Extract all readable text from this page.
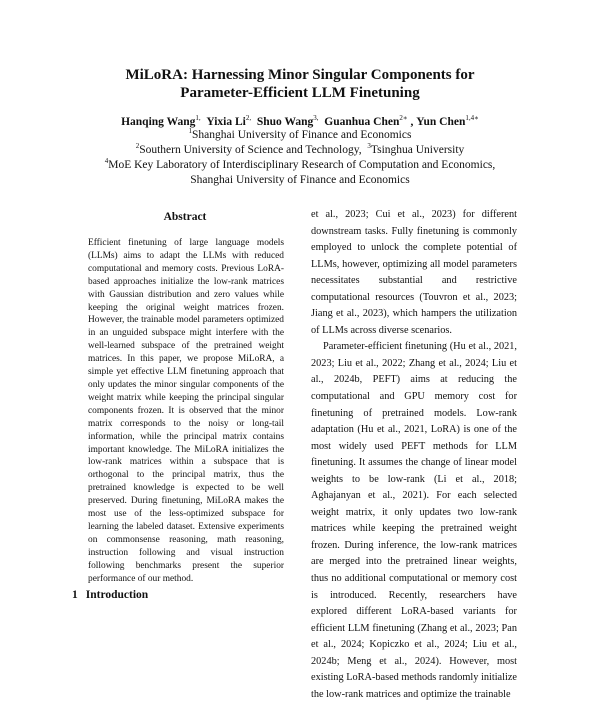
MiLoRA: Harnessing Minor Singular Components for
Parameter-Efficient LLM Finetuning
Hanqing Wang$^{1,}$ Yixia $Li^{2,}$ Shuo Wang$^{3,}$ Guanhua Chen$^{2∗}$ , Yun Chen$^{1,4∗}$
$^1$Shanghai University of Finance and Economics
$^2$Southern University of Science and Technology, $^3$Tsinghua University
$^4$MoE Key Laboratory of Interdisciplinary Research of Computation and Economics,
Shanghai University of Finance and Economics
Abstract

Efficient finetuning of large language models (LLMs) aims to adapt the LLMs with reduced computational and memory costs. Previous LoRA-based approaches initialize the low-rank matrices with Gaussian distribution and zero values while keeping the original weight matrices frozen. However, the trainable model parameters optimized in an unguided subspace might interfere with the well-learned subspace of the pretrained weight matrices. In this paper, we propose MiLoRA, a simple yet effective LLM finetuning approach that only updates the minor singular components of the weight matrix while keeping the principal singular components frozen. It is observed that the minor matrix corresponds to the noisy or long-tail information, while the principal matrix contains important knowledge. The MiLoRA initializes the low-rank matrices within a subspace that is orthogonal to the principal matrix, thus the pretrained knowledge is expected to be well preserved. During finetuning, MiLoRA makes the most use of the less-optimized subspace for learning the labeled dataset. Extensive experiments on commonsense reasoning, math reasoning, instruction following and visual instruction following benchmarks present the superior performance of our method.

et al., 2023; Cui et al., 2023) for different downstream tasks. Fully finetuning is commonly employed to unlock the complete potential of LLMs, however, optimizing all model parameters necessitates substantial and restrictive computational resources (Touvron et al., 2023; Jiang et al., 2023), which hampers the utilization of LLMs across diverse scenarios.

Parameter-efficient finetuning (Hu et al., 2021, 2023; Liu et al., 2022; Zhang et al., 2024; Liu et al., 2024b, PEFT) aims at reducing the computational and GPU memory cost for finetuning of pretrained models. Low-rank adaptation (Hu et al., 2021, LoRA) is one of the most widely used PEFT methods for LLM finetuning. It assumes the change of linear model weights to be low-rank (Li et al., 2018; Aghajanyan et al., 2021). For each selected weight matrix, it only updates two low-rank matrices while keeping the pretrained weight frozen. During inference, the low-rank matrices are merged into the pretrained linear weights, thus no additional computational or memory cost is introduced. Recently, researchers have explored different LoRA-based variants for efficient LLM finetuning (Zhang et al., 2023; Pan et al., 2024; Kopiczko et al., 2024; Liu et al., 2024b; Meng et al., 2024). However, most existing LoRA-based methods randomly initialize the low-rank matrices and optimize the trainable

1 Introduction
